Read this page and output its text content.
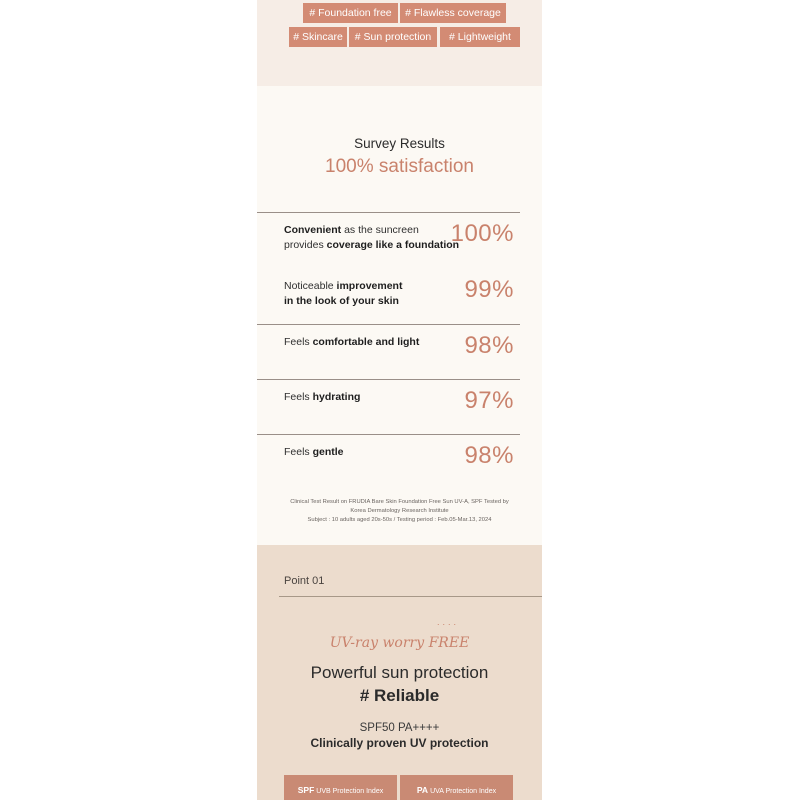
# Foundation free	# Flawless coverage
# Skincare	# Sun protection	# Lightweight
Survey Results
100% satisfaction
Convenient as the suncreen
provides coverage like a foundation
100%
Noticeable improvement
in the look of your skin	99%
Feels comfortable and light	98%
Feels hydrating	97%
Feels gentle	98%
Clinical Test Result on FRUDIA Bare Skin Foundation Free Sun UV-A, SPF Tested by
Korea Dermatology Research Institute
Subject : 10 adults aged 20s-50s / Testing period : Feb.05-Mar.13, 2024
Point 01
....
UV-ray worry FREE
Powerful sun protection
# Reliable
SPF50 PA++++
Clinically proven UV protection
SPF UVB Protection Index	PA UVA Protection Index
